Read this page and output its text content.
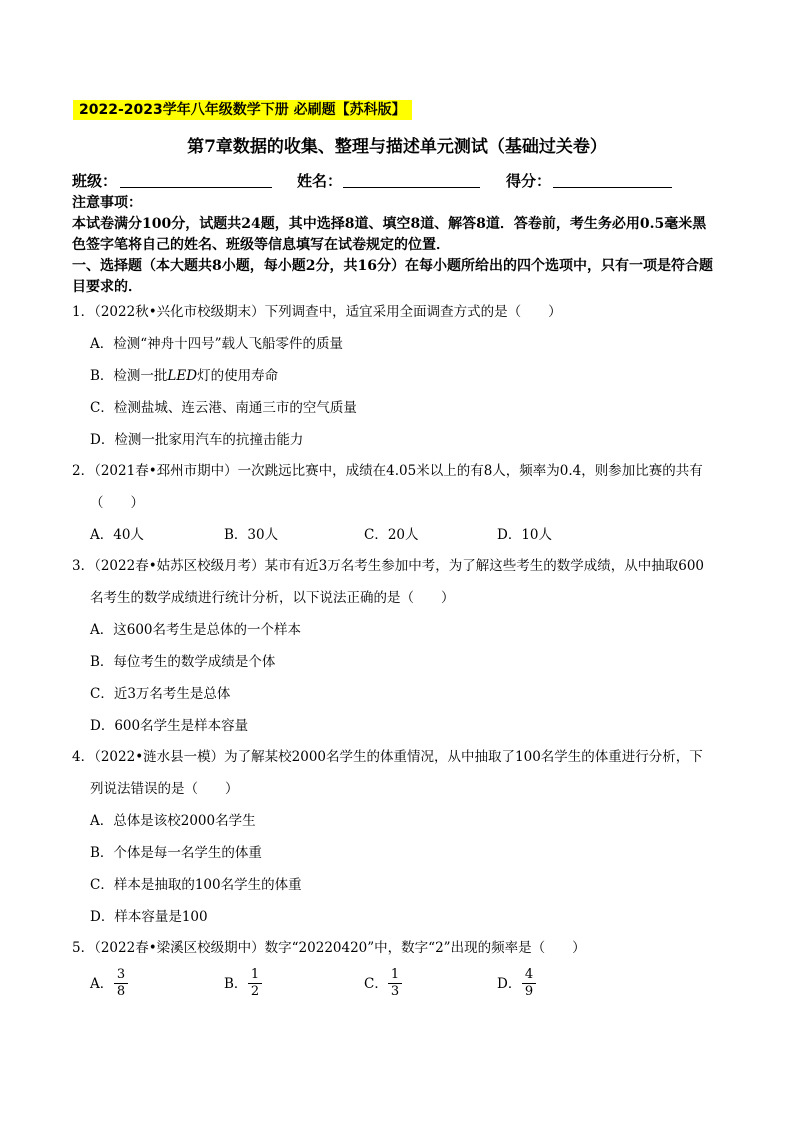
2022-2023学年八年级数学下册 必刷题【苏科版】
第7章数据的收集、整理与描述单元测试（基础过关卷）
班级：	姓名：	得分：
注意事项：
本试卷满分100分，试题共24题，其中选择8道、填空8道、解答8道．答卷前，考生务必用0.5毫米黑
色签字笔将自己的姓名、班级等信息填写在试卷规定的位置．
一、选择题（本大题共8小题，每小题2分，共16分）在每小题所给出的四个选项中，只有一项是符合题
目要求的．
1．（2022秋•兴化市校级期末）下列调查中，适宜采用全面调查方式的是（　　）
A．检测“神舟十四号”载人飞船零件的质量
B．检测一批LED灯的使用寿命
C．检测盐城、连云港、南通三市的空气质量
D．检测一批家用汽车的抗撞击能力
2．（2021春•邳州市期中）一次跳远比赛中，成绩在4.05米以上的有8人，频率为0.4，则参加比赛的共有
（　　）
A．40人	B．30人	C．20人	D．10人
3．（2022春•姑苏区校级月考）某市有近3万名考生参加中考，为了解这些考生的数学成绩，从中抽取600
名考生的数学成绩进行统计分析，以下说法正确的是（　　）
A．这600名考生是总体的一个样本
B．每位考生的数学成绩是个体
C．近3万名考生是总体
D．600名学生是样本容量
4．（2022•涟水县一模）为了解某校2000名学生的体重情况，从中抽取了100名学生的体重进行分析，下
列说法错误的是（　　）
A．总体是该校2000名学生
B．个体是每一名学生的体重
C．样本是抽取的100名学生的体重
D．样本容量是100
5．（2022春•梁溪区校级期中）数字“20220420”中，数字“2”出现的频率是（　　）
A．
3
8	B．
1
2	C．
1
3	D．
4
9
